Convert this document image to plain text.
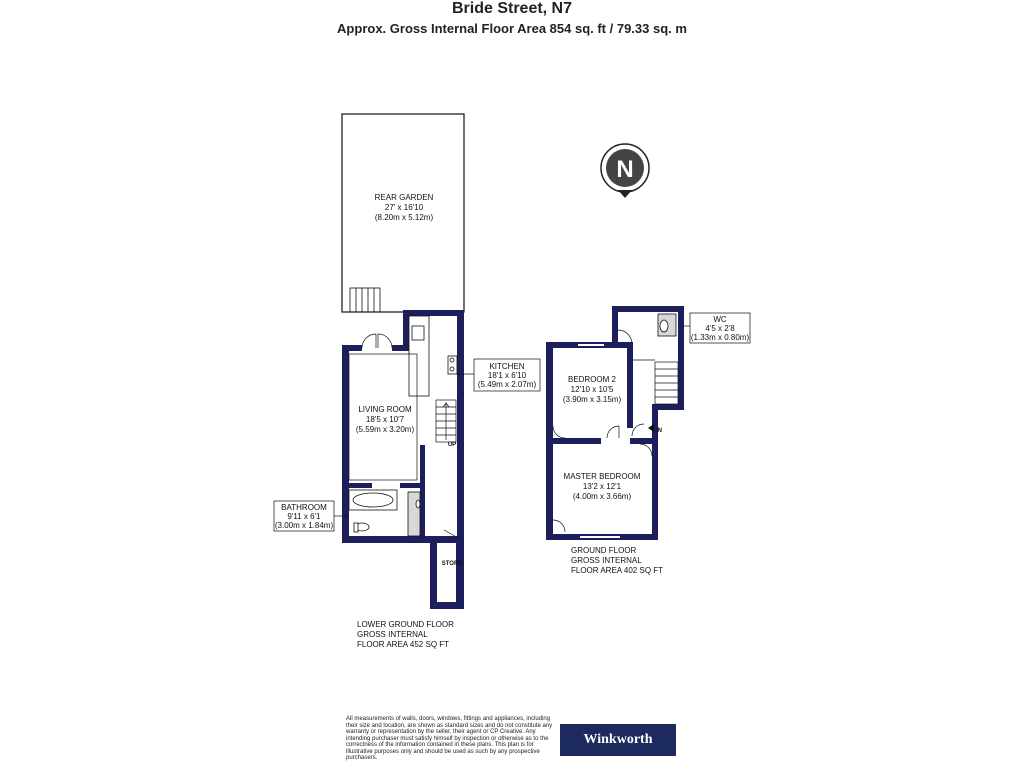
Bride Street, N7
Approx. Gross Internal Floor Area 854 sq. ft / 79.33 sq. m
N
REAR GARDEN
27' x 16'10
(8.20m x 5.12m)
KITCHEN
18'1 x 6'10
(5.49m x 2.07m)
LIVING ROOM
18'5 x 10'7
(5.59m x 3.20m)
BATHROOM
9'11 x 6'1
(3.00m x 1.84m)
WC
4'5 x 2'8
(1.33m x 0.80m)
BEDROOM 2
12'10 x 10'5
(3.90m x 3.15m)
MASTER BEDROOM
13'2 x 12'1
(4.00m x 3.66m)
STORE
UP
IN
LOWER GROUND FLOOR
GROSS INTERNAL
FLOOR AREA 452 SQ FT
GROUND FLOOR
GROSS INTERNAL
FLOOR AREA 402 SQ FT
All measurements of walls, doors, windows, fittings and appliances, including their size and location, are shown as standard sizes and do not constitute any warranty or representation by the seller, their agent or CP Creative. Any intending purchaser must satisfy himself by inspection or otherwise as to the correctness of the information contained in these plans. This plan is for illustrative purposes only and should be used as such by any prospective purchasers.
Winkworth
